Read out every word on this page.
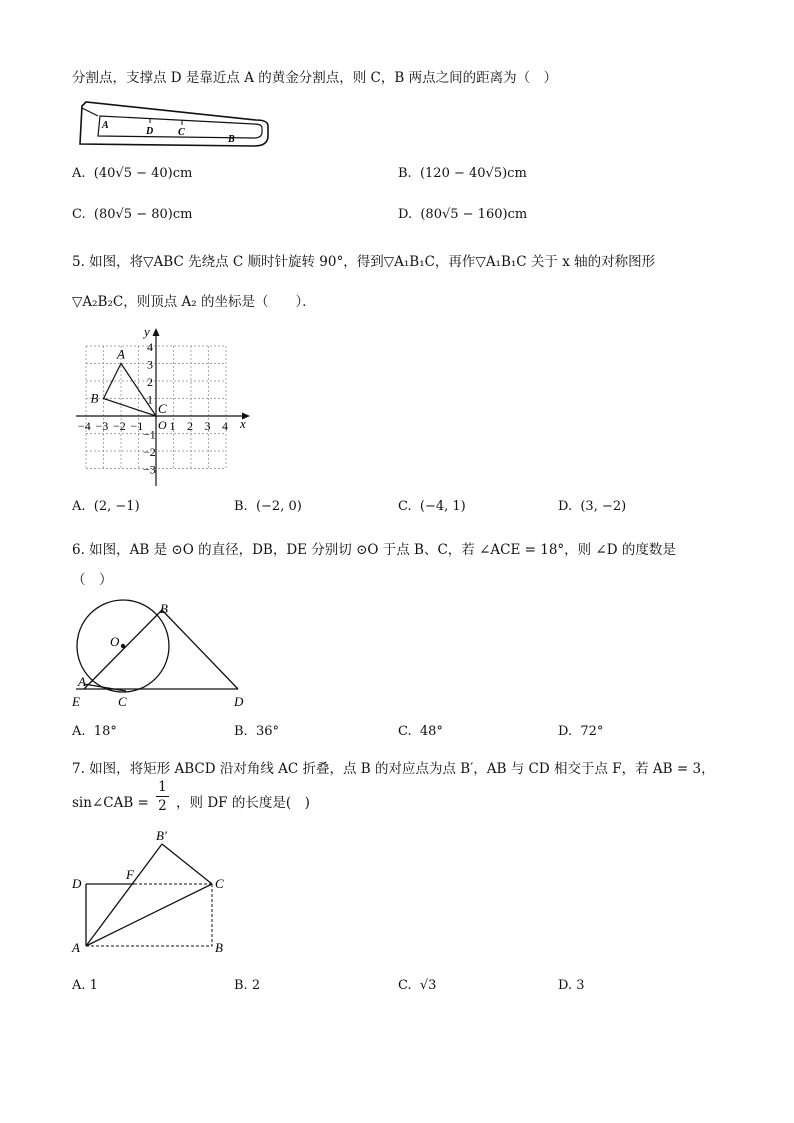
分割点，支撑点 D 是靠近点 A 的黄金分割点，则 C，B 两点之间的距离为（　）
A
D C
B
A. (40√5 − 40)cm	B. (120 − 40√5)cm
C. (80√5 − 80)cm	D. (80√5 − 160)cm
5. 如图，将▽ABC 先绕点 C 顺时针旋转 90°，得到▽A₁B₁C，再作▽A₁B₁C 关于 x 轴的对称图形
▽A₂B₂C，则顶点 A₂ 的坐标是（　　）．
x
y
−4 −3 −2 −1 1 2 3 4
4
3
2
1
−1
−2
−3
O
A
B
C
A. (2, −1)	B. (−2, 0)	C. (−4, 1)	D. (3, −2)
6. 如图，AB 是 ⊙O 的直径，DB，DE 分别切 ⊙O 于点 B、C，若 ∠ACE = 18°，则 ∠D 的度数是
（　）
O
B
A
E	C	D
A. 18°	B. 36°	C. 48°	D. 72°
7. 如图，将矩形 ABCD 沿对角线 AC 折叠，点 B 的对应点为点 B′，AB 与 CD 相交于点 F，若 AB = 3，
sin∠CAB = $\frac{1}{2}$ ，则 DF 的长度是(　)
B′
D
F
C
A	B
A. 1	B. 2	C. √3	D. 3
